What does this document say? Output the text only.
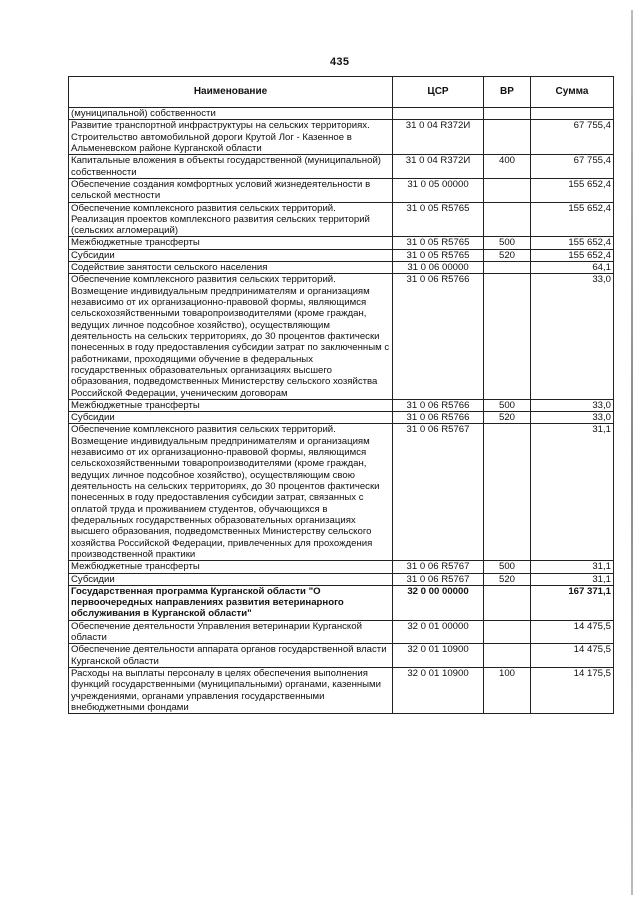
435
Наименование	ЦСР	ВР	Сумма
(муниципальной) собственности			
Развитие транспортной инфраструктуры на сельских территориях. Строительство автомобильной дороги Крутой Лог - Казенное в Альменевском районе Курганской области	31 0 04 R372И		67 755,4
Капитальные вложения в объекты государственной (муниципальной) собственности	31 0 04 R372И	400	67 755,4
Обеспечение создания комфортных условий жизнедеятельности в сельской местности	31 0 05 00000		155 652,4
Обеспечение комплексного развития сельских территорий. Реализация проектов комплексного развития сельских территорий (сельских агломераций)	31 0 05 R5765		155 652,4
Межбюджетные трансферты	31 0 05 R5765	500	155 652,4
Субсидии	31 0 05 R5765	520	155 652,4
Содействие занятости сельского населения	31 0 06 00000		64,1
Обеспечение комплексного развития сельских территорий. Возмещение индивидуальным предпринимателям и организациям независимо от их организационно-правовой формы, являющимся сельскохозяйственными товаропроизводителями (кроме граждан, ведущих личное подсобное хозяйство), осуществляющим деятельность на сельских территориях, до 30 процентов фактически понесенных в году предоставления субсидии затрат по заключенным с работниками, проходящими обучение в федеральных государственных образовательных организациях высшего образования, подведомственных Министерству сельского хозяйства Российской Федерации, ученическим договорам	31 0 06 R5766		33,0
Межбюджетные трансферты	31 0 06 R5766	500	33,0
Субсидии	31 0 06 R5766	520	33,0
Обеспечение комплексного развития сельских территорий. Возмещение индивидуальным предпринимателям и организациям независимо от их организационно-правовой формы, являющимся сельскохозяйственными товаропроизводителями (кроме граждан, ведущих личное подсобное хозяйство), осуществляющим свою деятельность на сельских территориях, до 30 процентов фактически понесенных в году предоставления субсидии затрат, связанных с оплатой труда и проживанием студентов, обучающихся в федеральных государственных образовательных организациях высшего образования, подведомственных Министерству сельского хозяйства Российской Федерации, привлеченных для прохождения производственной практики	31 0 06 R5767		31,1
Межбюджетные трансферты	31 0 06 R5767	500	31,1
Субсидии	31 0 06 R5767	520	31,1
Государственная программа Курганской области "О первоочередных направлениях развития ветеринарного обслуживания в Курганской области"	32 0 00 00000		167 371,1
Обеспечение деятельности Управления ветеринарии Курганской области	32 0 01 00000		14 475,5
Обеспечение деятельности аппарата органов государственной власти Курганской области	32 0 01 10900		14 475,5
Расходы на выплаты персоналу в целях обеспечения выполнения функций государственными (муниципальными) органами, казенными учреждениями, органами управления государственными внебюджетными фондами	32 0 01 10900	100	14 175,5
